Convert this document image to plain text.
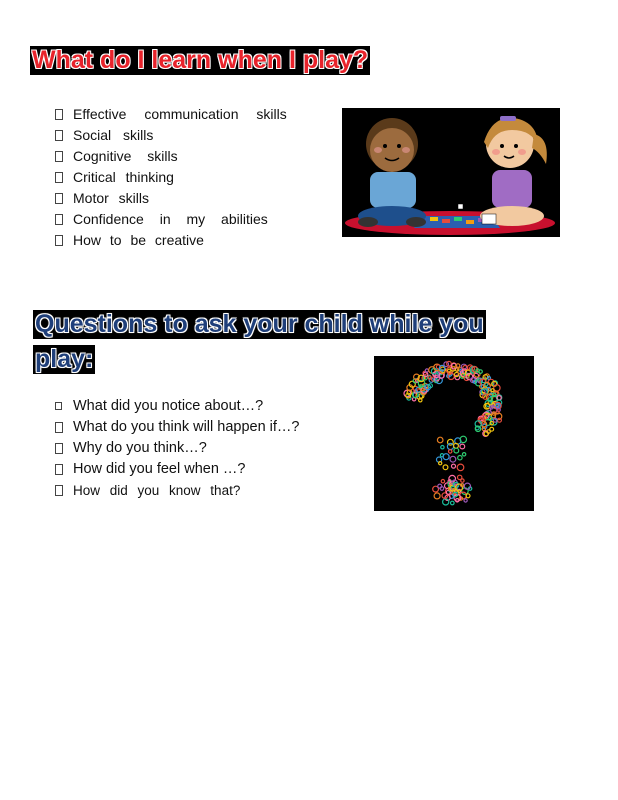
What do I learn when I play?
Effective communication skills
Social skills
Cognitive skills
Critical thinking
Motor skills
Confidence in my abilities
How to be creative
Questions to ask your child while you
play:
What did you notice about…?
What do you think will happen if…?
Why do you think…?
How did you feel when …?
How did you know that?
